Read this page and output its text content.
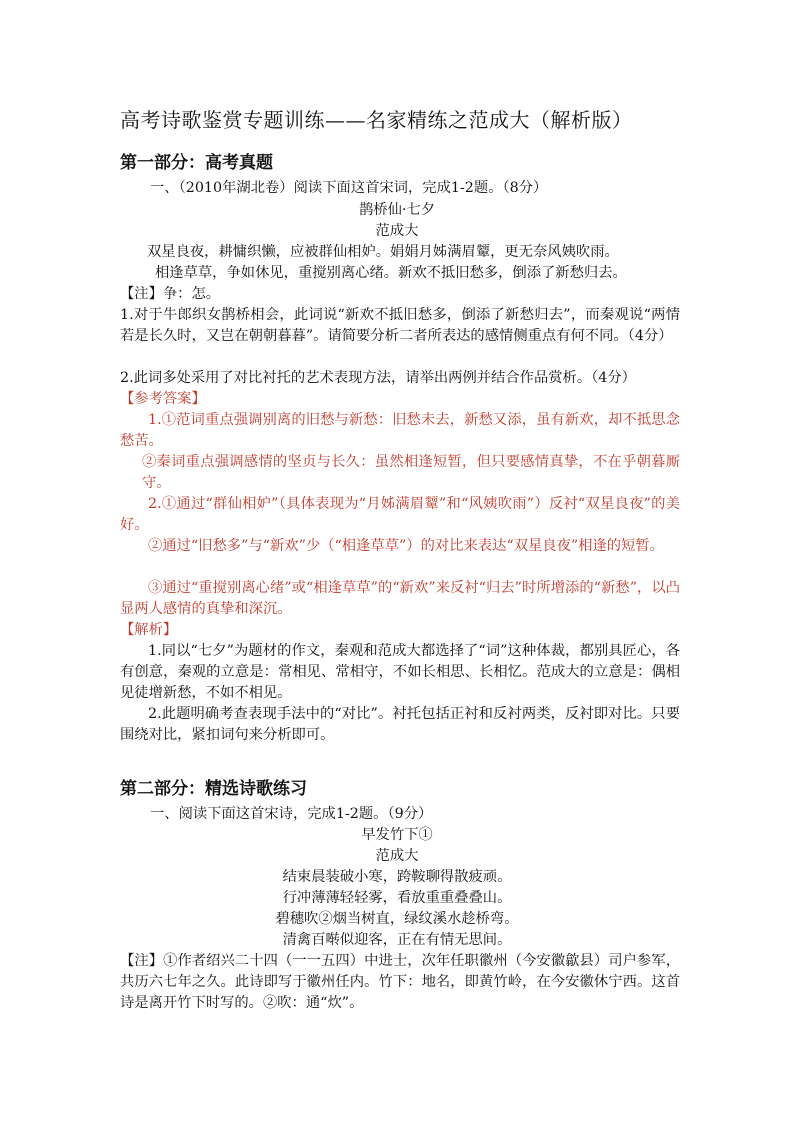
高考诗歌鉴赏专题训练——名家精练之范成大（解析版）
第一部分：高考真题
一、（2010年湖北卷）阅读下面这首宋词，完成1-2题。（8分）
鹊桥仙·七夕
范成大
双星良夜，耕慵织懒，应被群仙相妒。娟娟月姊满眉颦，更无奈风姨吹雨。
相逢草草，争如休见，重搅别离心绪。新欢不抵旧愁多，倒添了新愁归去。
【注】争：怎。
1.对于牛郎织女鹊桥相会，此词说“新欢不抵旧愁多，倒添了新愁归去”，而秦观说“两情若是长久时，又岂在朝朝暮暮”。请简要分析二者所表达的感情侧重点有何不同。（4分）
2.此词多处采用了对比衬托的艺术表现方法，请举出两例并结合作品赏析。（4分）
【参考答案】
1.①范词重点强调别离的旧愁与新愁：旧愁未去，新愁又添，虽有新欢，却不抵思念愁苦。
②秦词重点强调感情的坚贞与长久：虽然相逢短暂，但只要感情真挚，不在乎朝暮厮守。
2.①通过“群仙相妒”（具体表现为“月姊满眉颦”和“风姨吹雨”）反衬“双星良夜”的美好。
②通过“旧愁多”与“新欢”少（“相逢草草”）的对比来表达“双星良夜”相逢的短暂。
③通过“重搅别离心绪”或“相逢草草”的“新欢”来反衬“归去”时所增添的“新愁”，以凸显两人感情的真挚和深沉。
【解析】
1.同以“七夕”为题材的作文，秦观和范成大都选择了“词”这种体裁，都别具匠心，各有创意，秦观的立意是：常相见、常相守，不如长相思、长相忆。范成大的立意是：偶相见徒增新愁，不如不相见。
2.此题明确考查表现手法中的“对比”。衬托包括正衬和反衬两类，反衬即对比。只要围绕对比，紧扣词句来分析即可。
第二部分：精选诗歌练习
一、阅读下面这首宋诗，完成1-2题。（9分）
早发竹下①
范成大
结束晨装破小寒，跨鞍聊得散疲顽。
行冲薄薄轻轻雾，看放重重叠叠山。
碧穗吹②烟当树直，绿纹溪水趁桥弯。
清禽百啭似迎客，正在有情无思间。
【注】①作者绍兴二十四（一一五四）中进士，次年任职徽州（今安徽歙县）司户参军，共历六七年之久。此诗即写于徽州任内。竹下：地名，即黄竹岭，在今安徽休宁西。这首诗是离开竹下时写的。②吹：通“炊”。
